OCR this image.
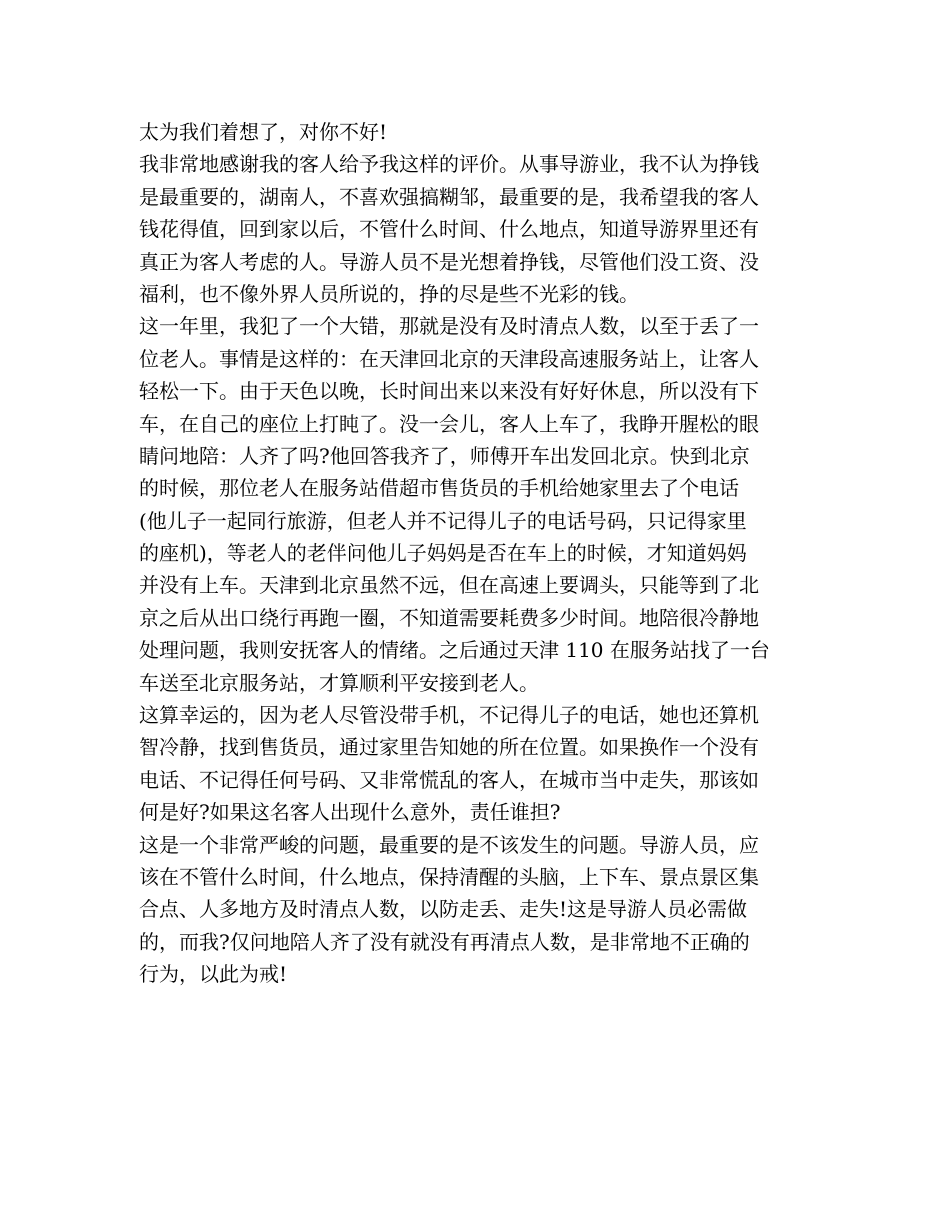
太为我们着想了，对你不好!
我非常地感谢我的客人给予我这样的评价。从事导游业，我不认为挣钱
是最重要的，湖南人，不喜欢强搞糊邹，最重要的是，我希望我的客人
钱花得值，回到家以后，不管什么时间、什么地点，知道导游界里还有
真正为客人考虑的人。导游人员不是光想着挣钱，尽管他们没工资、没
福利，也不像外界人员所说的，挣的尽是些不光彩的钱。
这一年里，我犯了一个大错，那就是没有及时清点人数，以至于丢了一
位老人。事情是这样的：在天津回北京的天津段高速服务站上，让客人
轻松一下。由于天色以晚，长时间出来以来没有好好休息，所以没有下
车，在自己的座位上打盹了。没一会儿，客人上车了，我睁开腥松的眼
睛问地陪：人齐了吗?他回答我齐了，师傅开车出发回北京。快到北京
的时候，那位老人在服务站借超市售货员的手机给她家里去了个电话
(他儿子一起同行旅游，但老人并不记得儿子的电话号码，只记得家里
的座机)，等老人的老伴问他儿子妈妈是否在车上的时候，才知道妈妈
并没有上车。天津到北京虽然不远，但在高速上要调头，只能等到了北
京之后从出口绕行再跑一圈，不知道需要耗费多少时间。地陪很冷静地
处理问题，我则安抚客人的情绪。之后通过天津 110 在服务站找了一台
车送至北京服务站，才算顺利平安接到老人。
这算幸运的，因为老人尽管没带手机，不记得儿子的电话，她也还算机
智冷静，找到售货员，通过家里告知她的所在位置。如果换作一个没有
电话、不记得任何号码、又非常慌乱的客人，在城市当中走失，那该如
何是好?如果这名客人出现什么意外，责任谁担?
这是一个非常严峻的问题，最重要的是不该发生的问题。导游人员，应
该在不管什么时间，什么地点，保持清醒的头脑，上下车、景点景区集
合点、人多地方及时清点人数，以防走丢、走失!这是导游人员必需做
的，而我?仅问地陪人齐了没有就没有再清点人数，是非常地不正确的
行为，以此为戒!
